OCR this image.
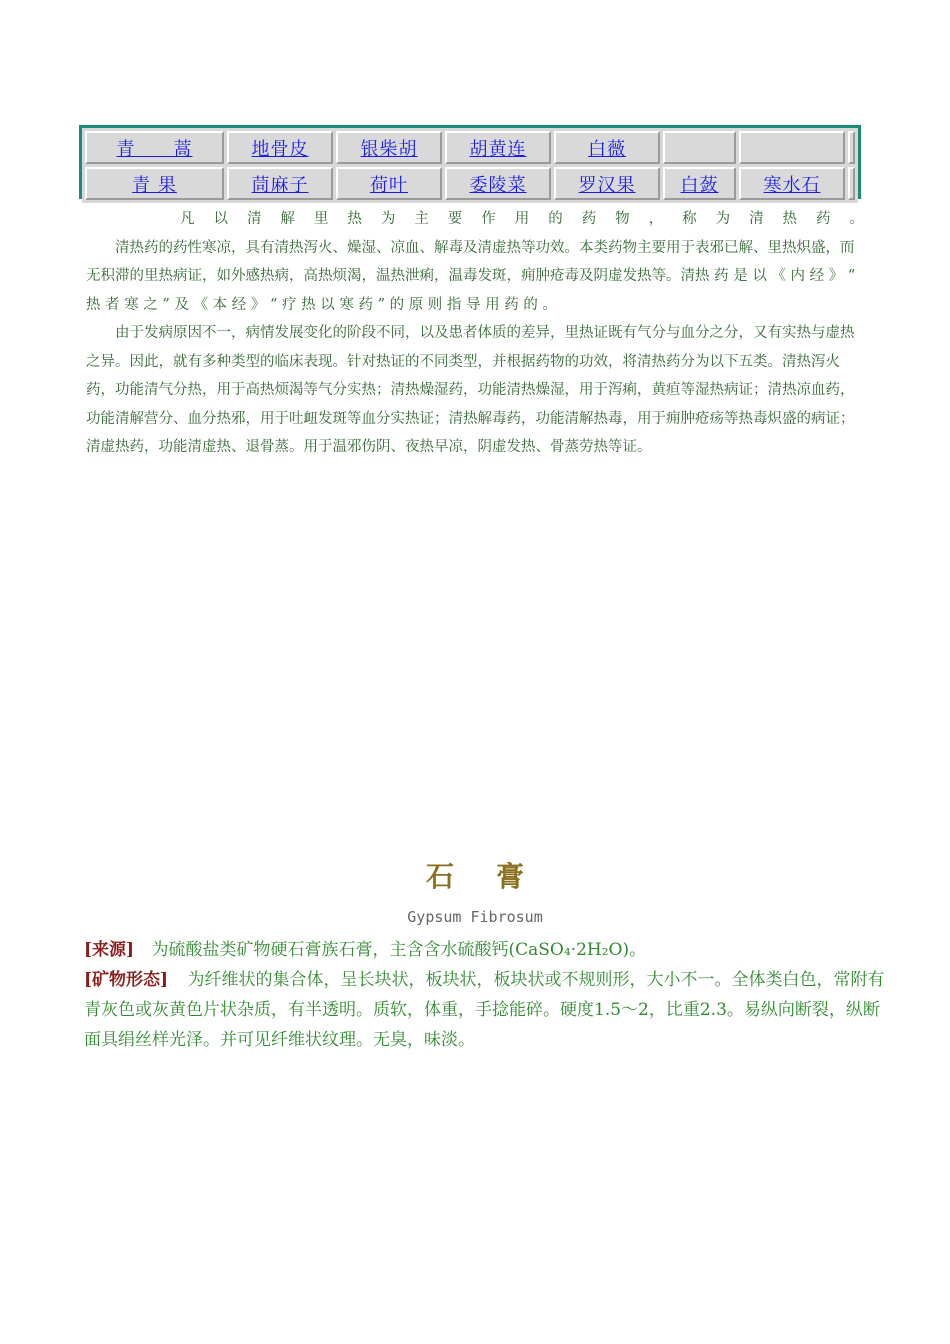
青　　蒿	地骨皮	银柴胡	胡黄连	白薇			
青 果	茼麻子	荷叶	委陵菜	罗汉果	白蔹	寒水石	

凡 以 清 解 里 热 为 主 要 作 用 的 药 物 ， 称 为 清 热 药 。

清热药的药性寒凉，具有清热泻火、燥湿、凉血、解毒及清虚热等功效。本类药物主要用于表邪已解、里热炽盛，而无积滞的里热病证，如外感热病，高热烦渴，温热泄痢，温毒发斑，痈肿疮毒及阴虚发热等。清热 药 是 以 《 内 经 》 “ 热 者 寒 之 ” 及 《 本 经 》 “ 疗 热 以 寒 药 ” 的 原 则 指 导 用 药 的 。

由于发病原因不一，病情发展变化的阶段不同，以及患者体质的差异，里热证既有气分与血分之分，又有实热与虚热之异。因此，就有多种类型的临床表现。针对热证的不同类型，并根据药物的功效，将清热药分为以下五类。清热泻火药，功能清气分热，用于高热烦渴等气分实热；清热燥湿药，功能清热燥湿，用于泻痢，黄疸等湿热病证；清热凉血药，功能清解营分、血分热邪，用于吐衄发斑等血分实热证；清热解毒药，功能清解热毒，用于痈肿疮疡等热毒炽盛的病证；清虚热药，功能清虚热、退骨蒸。用于温邪伤阴、夜热早凉，阴虚发热、骨蒸劳热等证。

石膏
Gypsum Fibrosum
[来源] 为硫酸盐类矿物硬石膏族石膏，主含含水硫酸钙(CaSO₄·2H₂O)。
[矿物形态] 为纤维状的集合体，呈长块状，板块状，板块状或不规则形，大小不一。全体类白色，常附有青灰色或灰黄色片状杂质，有半透明。质软，体重，手捻能碎。硬度1.5～2，比重2.3。易纵向断裂，纵断面具绢丝样光泽。并可见纤维状纹理。无臭，味淡。
